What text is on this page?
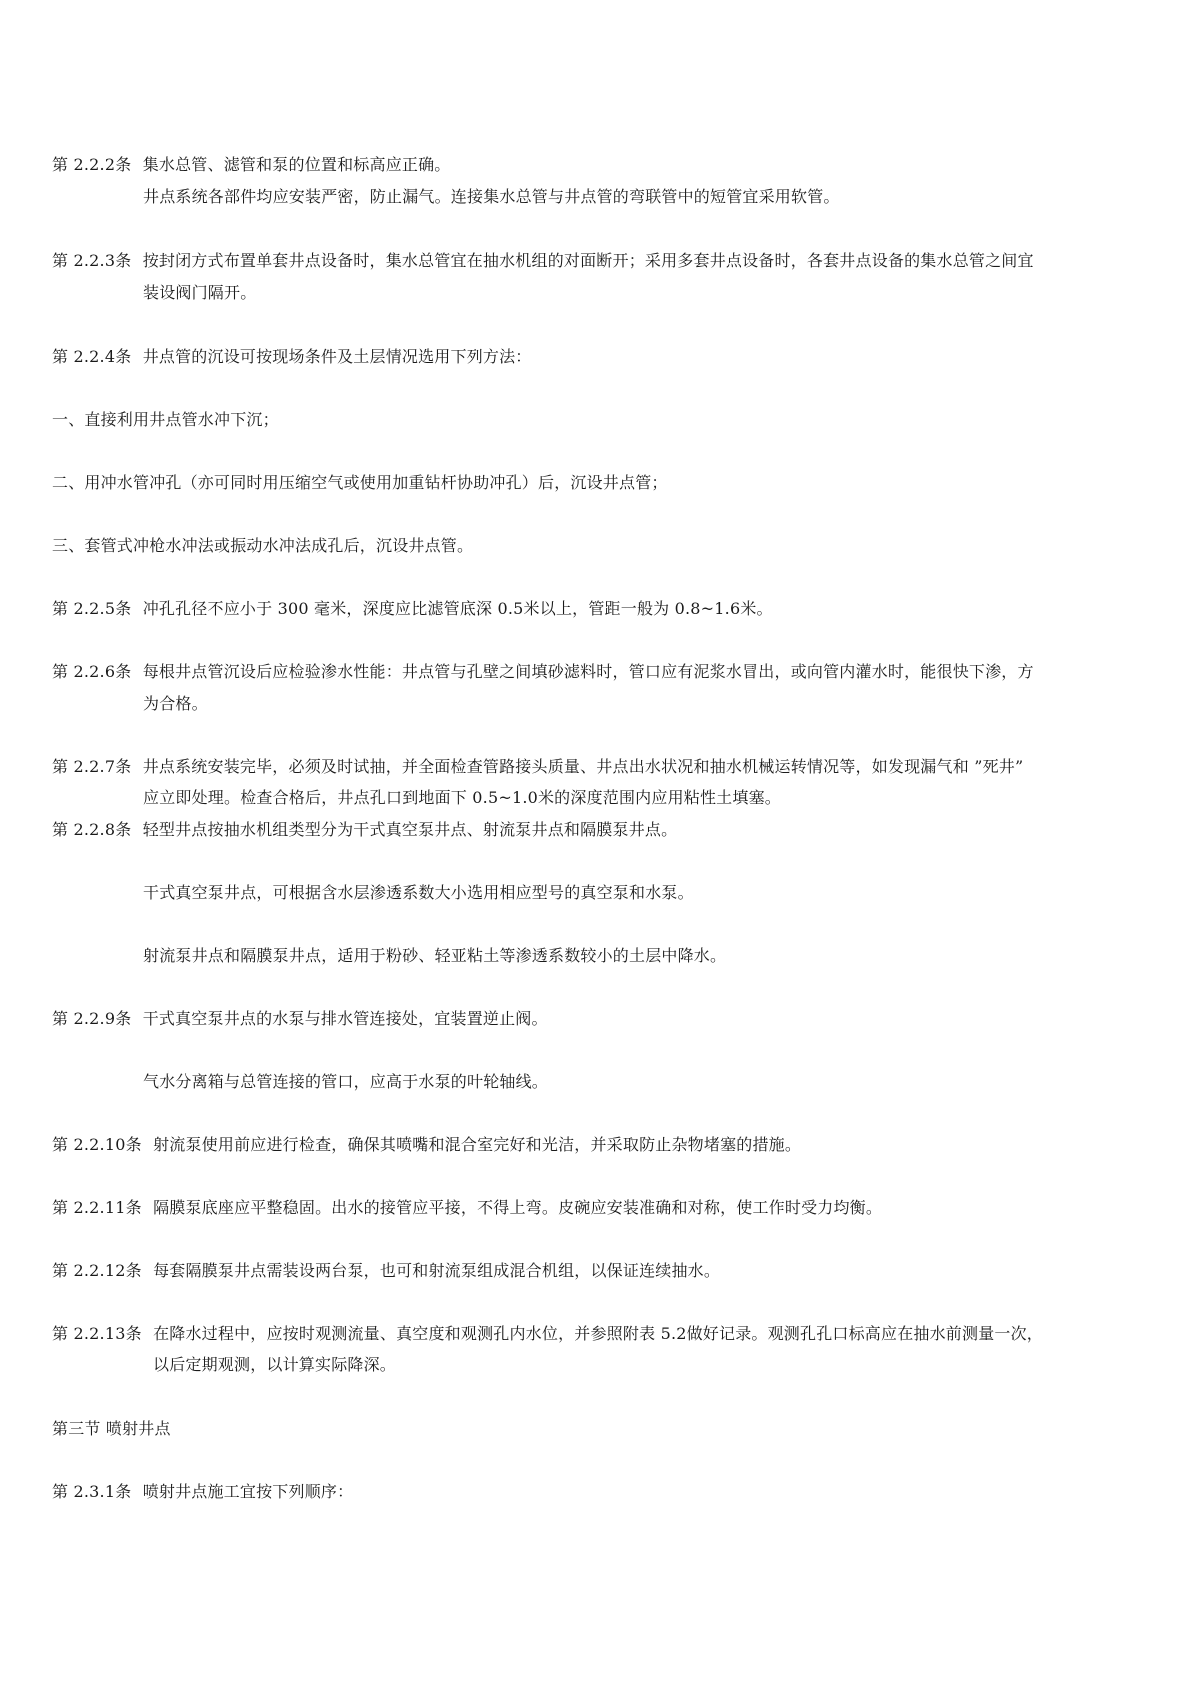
第 2.2.2条 集水总管、滤管和泵的位置和标高应正确。
井点系统各部件均应安装严密，防止漏气。连接集水总管与井点管的弯联管中的短管宜采用软管。
第 2.2.3条 按封闭方式布置单套井点设备时，集水总管宜在抽水机组的对面断开；采用多套井点设备时，各套井点设备的集水总管之间宜
装设阀门隔开。
第 2.2.4条 井点管的沉设可按现场条件及土层情况选用下列方法：
一、直接利用井点管水冲下沉；
二、用冲水管冲孔（亦可同时用压缩空气或使用加重钻杆协助冲孔）后，沉设井点管；
三、套管式冲枪水冲法或振动水冲法成孔后，沉设井点管。
第 2.2.5条 冲孔孔径不应小于 300 毫米，深度应比滤管底深 0.5米以上，管距一般为 0.8~1.6米。
第 2.2.6条 每根井点管沉设后应检验渗水性能：井点管与孔壁之间填砂滤料时，管口应有泥浆水冒出，或向管内灌水时，能很快下渗，方
为合格。
第 2.2.7条 井点系统安装完毕，必须及时试抽，并全面检查管路接头质量、井点出水状况和抽水机械运转情况等，如发现漏气和 ”死井”
应立即处理。检查合格后，井点孔口到地面下 0.5~1.0米的深度范围内应用粘性土填塞。
第 2.2.8条 轻型井点按抽水机组类型分为干式真空泵井点、射流泵井点和隔膜泵井点。
干式真空泵井点，可根据含水层渗透系数大小选用相应型号的真空泵和水泵。
射流泵井点和隔膜泵井点，适用于粉砂、轻亚粘土等渗透系数较小的土层中降水。
第 2.2.9条 干式真空泵井点的水泵与排水管连接处，宜装置逆止阀。
气水分离箱与总管连接的管口，应高于水泵的叶轮轴线。
第 2.2.10条 射流泵使用前应进行检查，确保其喷嘴和混合室完好和光洁，并采取防止杂物堵塞的措施。
第 2.2.11条 隔膜泵底座应平整稳固。出水的接管应平接，不得上弯。皮碗应安装准确和对称，使工作时受力均衡。
第 2.2.12条 每套隔膜泵井点需装设两台泵，也可和射流泵组成混合机组，以保证连续抽水。
第 2.2.13条 在降水过程中，应按时观测流量、真空度和观测孔内水位，并参照附表 5.2做好记录。观测孔孔口标高应在抽水前测量一次，
以后定期观测，以计算实际降深。
第三节 喷射井点
第 2.3.1条 喷射井点施工宜按下列顺序：
